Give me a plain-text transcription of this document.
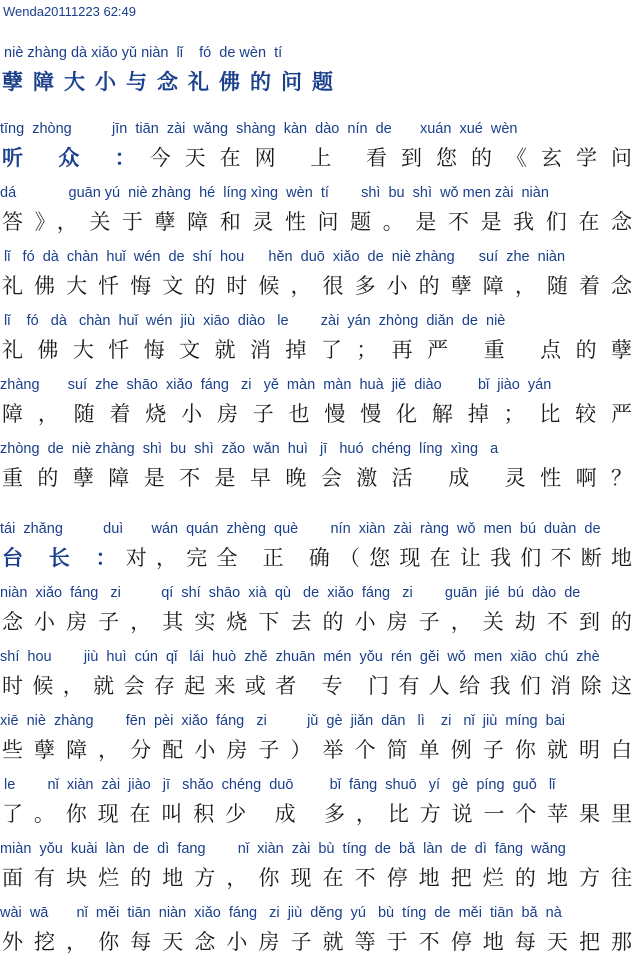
Wenda20111223 62:49
niè zhàng dà xiǎo yǔ niàn  lǐ    fó  de wèn  tí
孽障大小与念礼佛的问题
tīng  zhòng          jīn  tiān  zài  wǎng  shàng  kàn  dào  nín  de       xuán  xué  wèn
听 众 ：今天在网 上 看到您的《玄学问
dá             guān yú  niè zhàng  hé  líng xìng  wèn  tí        shì  bu  shì  wǒ men zài  niàn
答》，关于孽障和灵性问题。是不是我们在念
lǐ   fó  dà  chàn  huǐ  wén  de  shí  hou      hěn  duō  xiǎo  de  niè zhàng      suí  zhe  niàn
礼佛大忏悔文的时候，很多小的孽障，随着念
lǐ    fó   dà   chàn  huǐ  wén  jiù  xiāo  diào   le        zài  yán  zhòng  diǎn  de  niè
礼佛大忏悔文就消掉了；再严 重 点的孽
zhàng       suí  zhe  shāo  xiǎo  fáng   zi   yě  màn  màn  huà  jiě  diào         bǐ  jiào  yán
障，随着烧小房子也慢慢化解掉；比较严
zhòng  de  niè zhàng  shì  bu  shì  zǎo  wǎn  huì   jī   huó  chéng  líng  xìng   a
重的孽障是不是早晚会激活 成 灵性啊？
tái  zhǎng          duì       wán  quán  zhèng  què        nín  xiàn  zài  ràng  wǒ  men  bú  duàn  de
台 长 ：对，完全 正 确（您现在让我们不断地
niàn  xiǎo  fáng   zi          qí  shí  shāo  xià  qù   de  xiǎo  fáng   zi        guān  jié  bú  dào  de
念小房子，其实烧下去的小房子，关劫不到的
shí  hou        jiù  huì  cún  qǐ   lái  huò  zhě  zhuān  mén  yǒu  rén  gěi  wǒ  men  xiāo  chú  zhè
时候，就会存起来或者 专 门有人给我们消除这
xiē  niè  zhàng        fēn  pèi  xiǎo  fáng   zi          jǔ  gè  jiǎn  dān   lì    zi   nǐ  jiù  míng  bai
些孽障，分配小房子）举个简单例子你就明白
le        nǐ  xiàn  zài  jiào   jī   shǎo  chéng  duō         bǐ  fāng  shuō   yí   gè  píng  guǒ   lǐ
了。你现在叫积少 成 多，比方说一个苹果里
miàn  yǒu  kuài  làn  de  dì  fang        nǐ  xiàn  zài  bù  tíng  de  bǎ  làn  de  dì  fāng  wǎng
面有块烂的地方，你现在不停地把烂的地方往
wài  wā       nǐ  měi  tiān  niàn  xiǎo  fáng   zi  jiù  děng  yú   bù  tíng  de  měi  tiān  bǎ  nà
外挖，你每天念小房子就等于不停地每天把那
